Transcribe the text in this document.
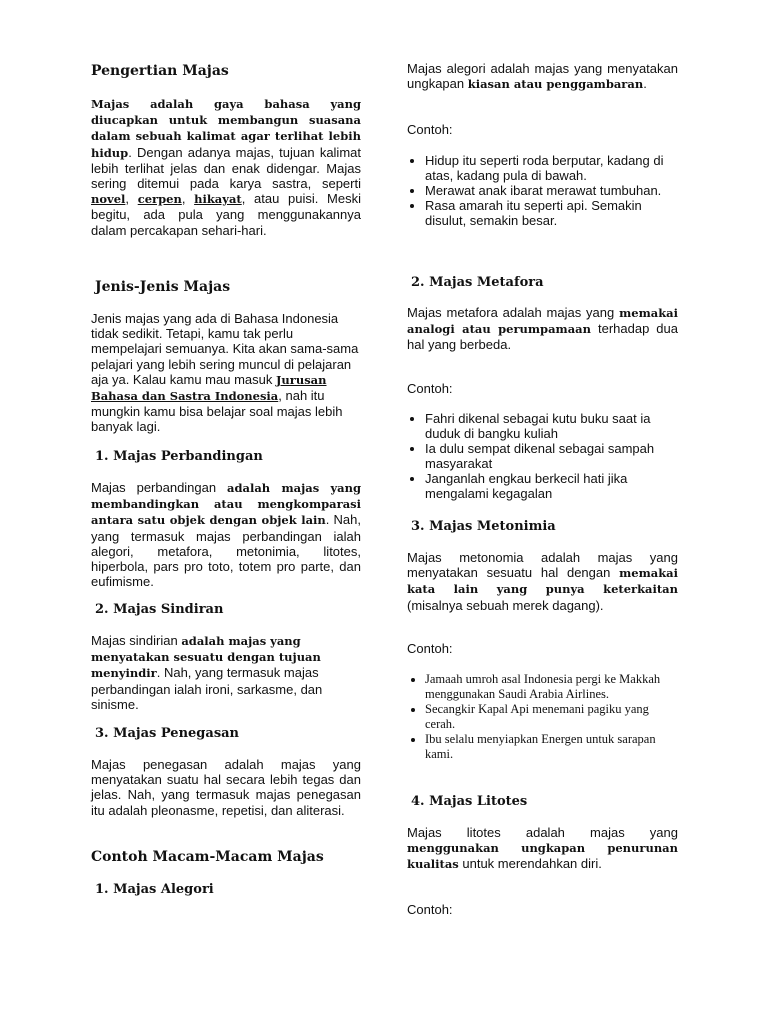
Pengertian Majas

Majas adalah gaya bahasa yang diucapkan untuk membangun suasana dalam sebuah kalimat agar terlihat lebih hidup. Dengan adanya majas, tujuan kalimat lebih terlihat jelas dan enak didengar. Majas sering ditemui pada karya sastra, seperti novel, cerpen, hikayat, atau puisi. Meski begitu, ada pula yang menggunakannya dalam percakapan sehari-hari.

Jenis-Jenis Majas

Jenis majas yang ada di Bahasa Indonesia tidak sedikit. Tetapi, kamu tak perlu mempelajari semuanya. Kita akan sama-sama pelajari yang lebih sering muncul di pelajaran aja ya. Kalau kamu mau masuk Jurusan Bahasa dan Sastra Indonesia, nah itu mungkin kamu bisa belajar soal majas lebih banyak lagi.

1. Majas Perbandingan

Majas perbandingan adalah majas yang membandingkan atau mengkomparasi antara satu objek dengan objek lain. Nah, yang termasuk majas perbandingan ialah alegori, metafora, metonimia, litotes, hiperbola, pars pro toto, totem pro parte, dan eufimisme.

2. Majas Sindiran

Majas sindirian adalah majas yang menyatakan sesuatu dengan tujuan menyindir. Nah, yang termasuk majas perbandingan ialah ironi, sarkasme, dan sinisme.

3. Majas Penegasan

Majas penegasan adalah majas yang menyatakan suatu hal secara lebih tegas dan jelas. Nah, yang termasuk majas penegasan itu adalah pleonasme, repetisi, dan aliterasi.

Contoh Macam-Macam Majas
1. Majas Alegori

Majas alegori adalah majas yang menyatakan ungkapan kiasan atau penggambaran.

Contoh:

• Hidup itu seperti roda berputar, kadang di atas, kadang pula di bawah.
• Merawat anak ibarat merawat tumbuhan.
• Rasa amarah itu seperti api. Semakin disulut, semakin besar.
2. Majas Metafora

Majas metafora adalah majas yang memakai analogi atau perumpamaan terhadap dua hal yang berbeda.

Contoh:

• Fahri dikenal sebagai kutu buku saat ia duduk di bangku kuliah
• Ia dulu sempat dikenal sebagai sampah masyarakat
• Janganlah engkau berkecil hati jika mengalami kegagalan
3. Majas Metonimia

Majas metonomia adalah majas yang menyatakan sesuatu hal dengan memakai kata lain yang punya keterkaitan (misalnya sebuah merek dagang).

Contoh:

• Jamaah umroh asal Indonesia pergi ke Makkah menggunakan Saudi Arabia Airlines.
• Secangkir Kapal Api menemani pagiku yang cerah.
• Ibu selalu menyiapkan Energen untuk sarapan kami.
4. Majas Litotes

Majas litotes adalah majas yang menggunakan ungkapan penurunan kualitas untuk merendahkan diri.

Contoh:
